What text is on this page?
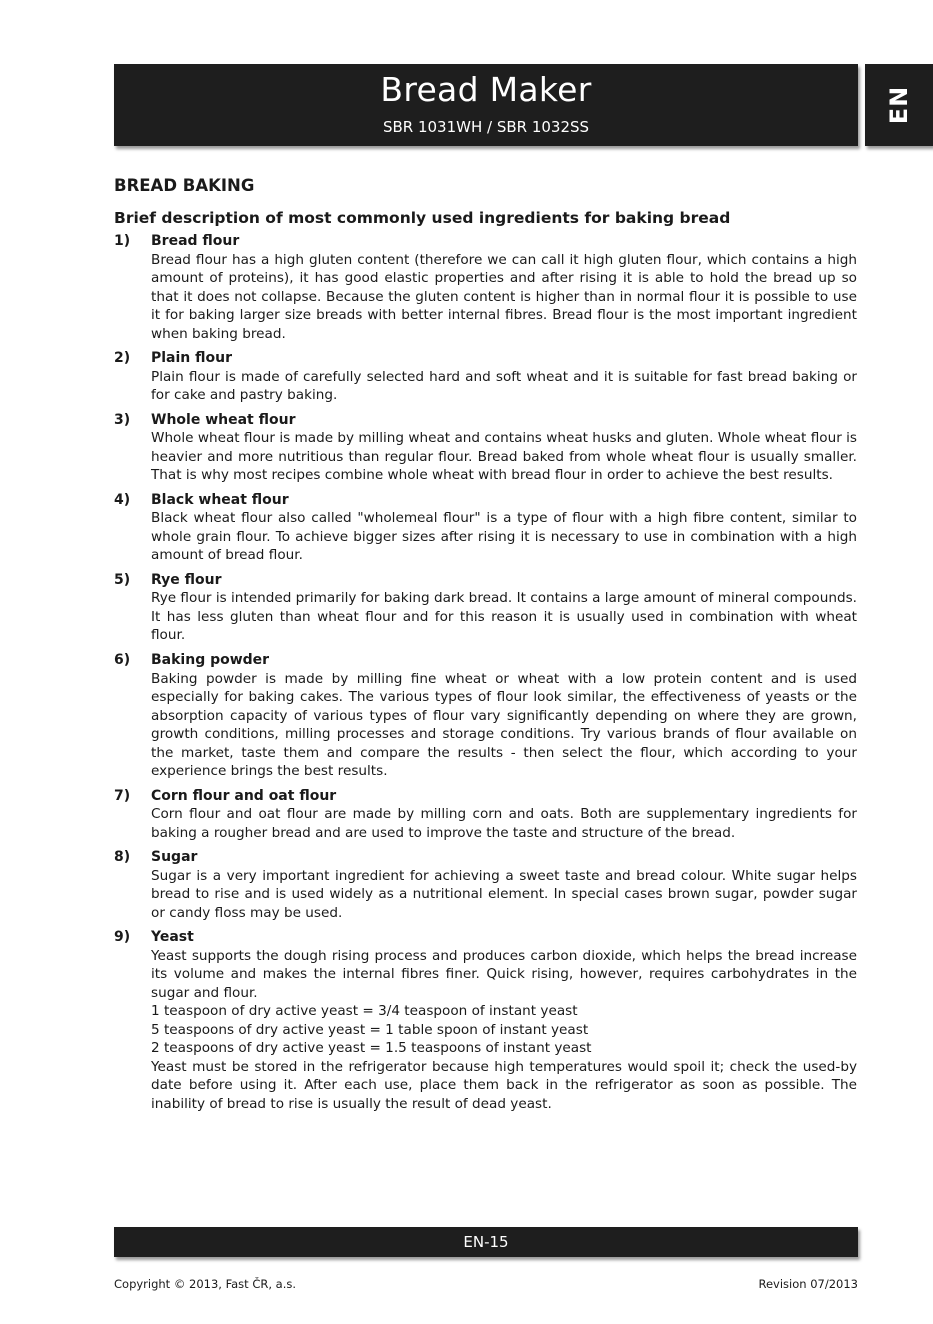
Bread Maker
SBR 1031WH / SBR 1032SS
EN
BREAD BAKING
Brief description of most commonly used ingredients for baking bread
1) Bread flour

Bread flour has a high gluten content (therefore we can call it high gluten flour, which contains a high amount of proteins), it has good elastic properties and after rising it is able to hold the bread up so that it does not collapse. Because the gluten content is higher than in normal flour it is possible to use it for baking larger size breads with better internal fibres. Bread flour is the most important ingredient when baking bread.

2) Plain flour

Plain flour is made of carefully selected hard and soft wheat and it is suitable for fast bread baking or for cake and pastry baking.

3) Whole wheat flour

Whole wheat flour is made by milling wheat and contains wheat husks and gluten. Whole wheat flour is heavier and more nutritious than regular flour. Bread baked from whole wheat flour is usually smaller. That is why most recipes combine whole wheat with bread flour in order to achieve the best results.

4) Black wheat flour

Black wheat flour also called "wholemeal flour" is a type of flour with a high fibre content, similar to whole grain flour. To achieve bigger sizes after rising it is necessary to use in combination with a high amount of bread flour.

5) Rye flour

Rye flour is intended primarily for baking dark bread. It contains a large amount of mineral compounds. It has less gluten than wheat flour and for this reason it is usually used in combination with wheat flour.

6) Baking powder

Baking powder is made by milling fine wheat or wheat with a low protein content and is used especially for baking cakes. The various types of flour look similar, the effectiveness of yeasts or the absorption capacity of various types of flour vary significantly depending on where they are grown, growth conditions, milling processes and storage conditions. Try various brands of flour available on the market, taste them and compare the results - then select the flour, which according to your experience brings the best results.

7) Corn flour and oat flour

Corn flour and oat flour are made by milling corn and oats. Both are supplementary ingredients for baking a rougher bread and are used to improve the taste and structure of the bread.

8) Sugar

Sugar is a very important ingredient for achieving a sweet taste and bread colour. White sugar helps bread to rise and is used widely as a nutritional element. In special cases brown sugar, powder sugar or candy floss may be used.

9) Yeast

Yeast supports the dough rising process and produces carbon dioxide, which helps the bread increase its volume and makes the internal fibres finer. Quick rising, however, requires carbohydrates in the sugar and flour.

1 teaspoon of dry active yeast = 3/4 teaspoon of instant yeast
5 teaspoons of dry active yeast = 1 table spoon of instant yeast
2 teaspoons of dry active yeast = 1.5 teaspoons of instant yeast

Yeast must be stored in the refrigerator because high temperatures would spoil it; check the used-by date before using it. After each use, place them back in the refrigerator as soon as possible. The inability of bread to rise is usually the result of dead yeast.

EN-15
Copyright © 2013, Fast ČR, a.s.	Revision 07/2013
